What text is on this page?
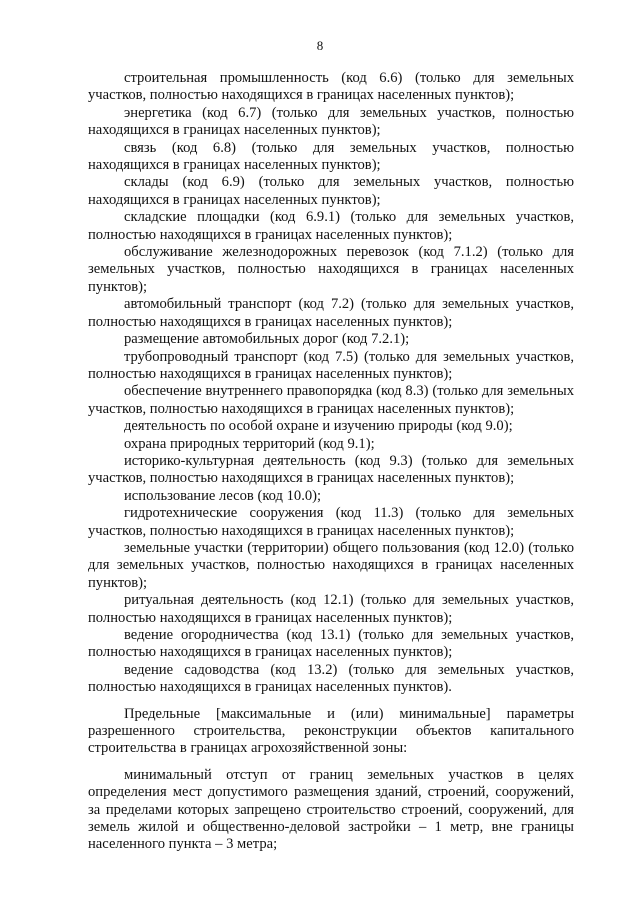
8

строительная промышленность (код 6.6) (только для земельных участков, полностью находящихся в границах населенных пунктов);

энергетика (код 6.7) (только для земельных участков, полностью находящихся в границах населенных пунктов);

связь (код 6.8) (только для земельных участков, полностью находящихся в границах населенных пунктов);

склады (код 6.9) (только для земельных участков, полностью находящихся в границах населенных пунктов);

складские площадки (код 6.9.1) (только для земельных участков, полностью находящихся в границах населенных пунктов);

обслуживание железнодорожных перевозок (код 7.1.2) (только для земельных участков, полностью находящихся в границах населенных пунктов);

автомобильный транспорт (код 7.2) (только для земельных участков, полностью находящихся в границах населенных пунктов);

размещение автомобильных дорог (код 7.2.1);

трубопроводный транспорт (код 7.5) (только для земельных участков, полностью находящихся в границах населенных пунктов);

обеспечение внутреннего правопорядка (код 8.3) (только для земельных участков, полностью находящихся в границах населенных пунктов);

деятельность по особой охране и изучению природы (код 9.0);

охрана природных территорий (код 9.1);

историко-культурная деятельность (код 9.3) (только для земельных участков, полностью находящихся в границах населенных пунктов);

использование лесов (код 10.0);

гидротехнические сооружения (код 11.3) (только для земельных участков, полностью находящихся в границах населенных пунктов);

земельные участки (территории) общего пользования (код 12.0) (только для земельных участков, полностью находящихся в границах населенных пунктов);

ритуальная деятельность (код 12.1) (только для земельных участков, полностью находящихся в границах населенных пунктов);

ведение огородничества (код 13.1) (только для земельных участков, полностью находящихся в границах населенных пунктов);

ведение садоводства (код 13.2) (только для земельных участков, полностью находящихся в границах населенных пунктов).

Предельные [максимальные и (или) минимальные] параметры разрешенного строительства, реконструкции объектов капитального строительства в границах агрохозяйственной зоны:

минимальный отступ от границ земельных участков в целях определения мест допустимого размещения зданий, строений, сооружений, за пределами которых запрещено строительство строений, сооружений, для земель жилой и общественно-деловой застройки – 1 метр, вне границы населенного пункта – 3 метра;
